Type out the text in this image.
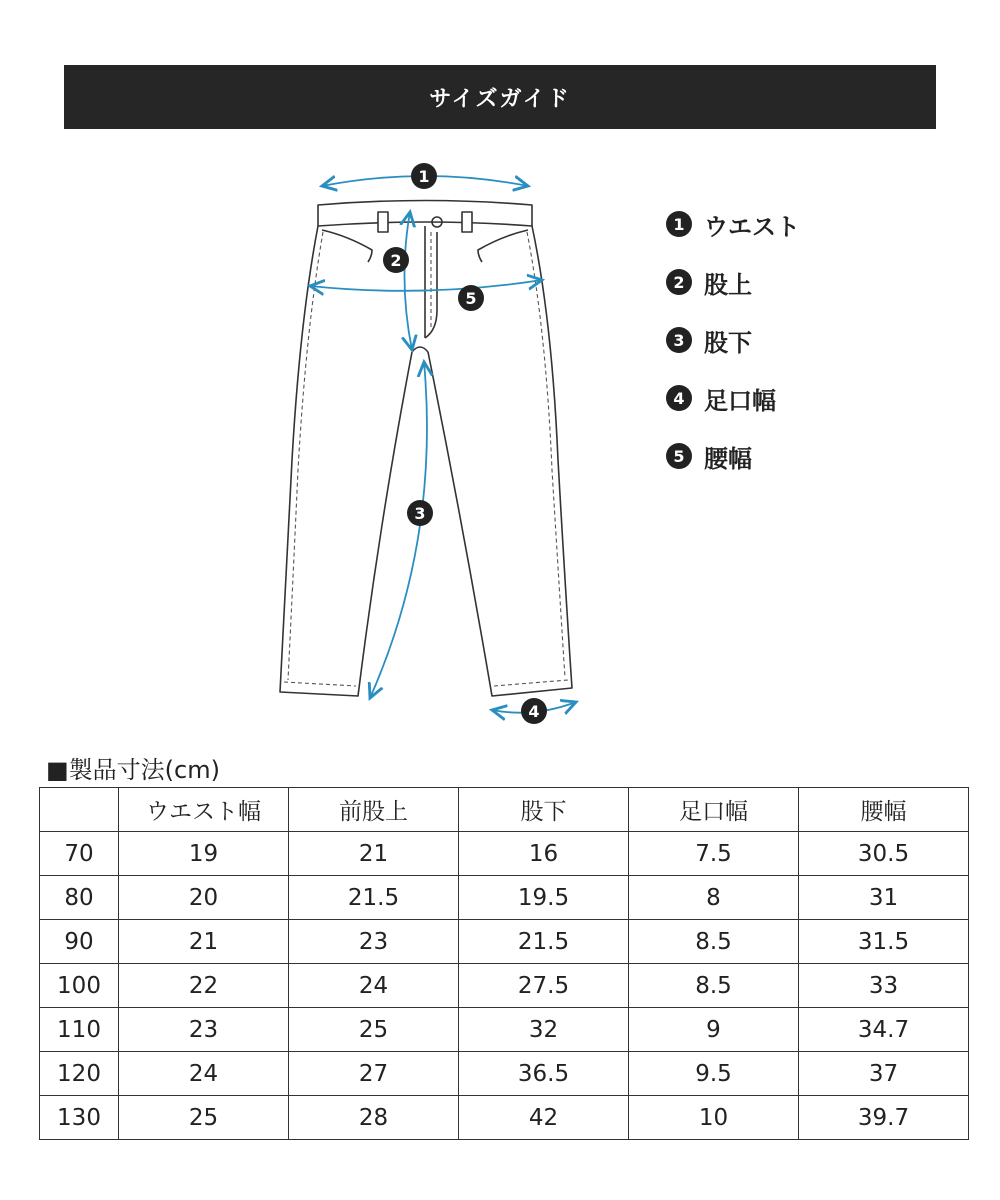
サイズガイド
1
2
3
4
5
1 ウエスト
2 股上
3 股下
4 足口幅
5 腰幅
■製品寸法(cm)
	ウエスト幅	前股上	股下	足口幅	腰幅
70	19	21	16	7.5	30.5
80	20	21.5	19.5	8	31
90	21	23	21.5	8.5	31.5
100	22	24	27.5	8.5	33
110	23	25	32	9	34.7
120	24	27	36.5	9.5	37
130	25	28	42	10	39.7
